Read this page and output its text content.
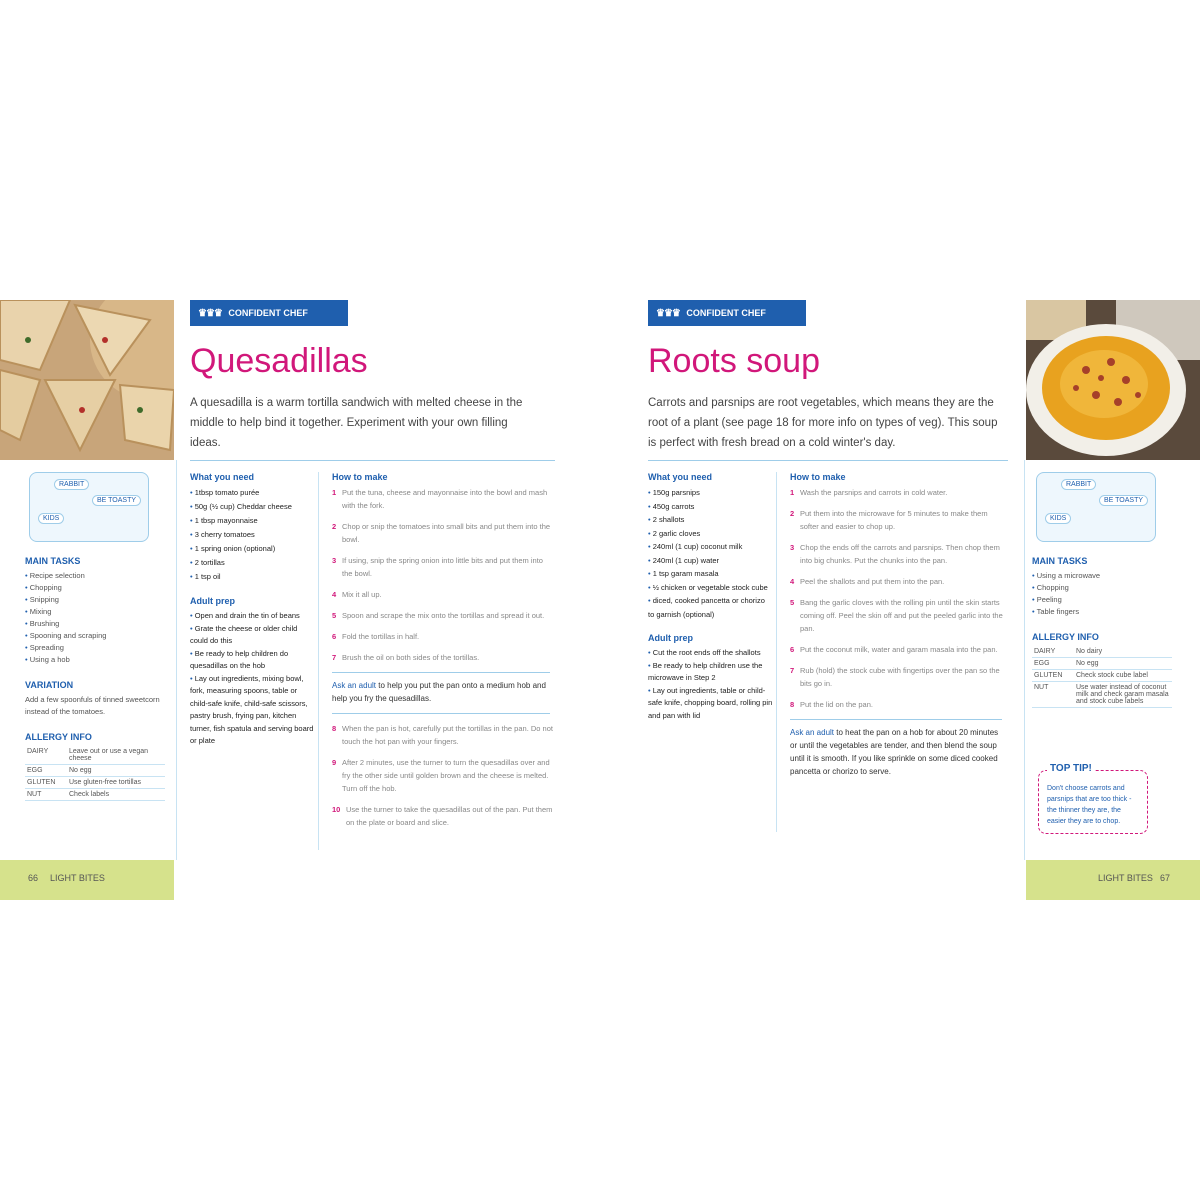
♛♛♛ CONFIDENT CHEF
Quesadillas
A quesadilla is a warm tortilla sandwich with melted cheese in the middle to help bind it together. Experiment with your own filling ideas.
What you need
• 1tbsp tomato purée
• 50g (½ cup) Cheddar cheese
• 1 tbsp mayonnaise
• 3 cherry tomatoes
• 1 spring onion (optional)
• 2 tortillas
• 1 tsp oil
Adult prep
• Open and drain the tin of beans
• Grate the cheese or older child could do this
• Be ready to help children do quesadillas on the hob
• Lay out ingredients, mixing bowl, fork, measuring spoons, table or child-safe knife, child-safe scissors, pastry brush, frying pan, kitchen turner, fish spatula and serving board or plate
How to make
1 Put the tuna, cheese and mayonnaise into the bowl and mash with the fork.
2 Chop or snip the tomatoes into small bits and put them into the bowl.
3 If using, snip the spring onion into little bits and put them into the bowl.
4 Mix it all up.
5 Spoon and scrape the mix onto the tortillas and spread it out.
6 Fold the tortillas in half.
7 Brush the oil on both sides of the tortillas.
Ask an adult to help you put the pan onto a medium hob and help you fry the quesadillas.
8 When the pan is hot, carefully put the tortillas in the pan. Do not touch the hot pan with your fingers.
9 After 2 minutes, use the turner to turn the quesadillas over and fry the other side until golden brown and the cheese is melted. Turn off the hob.
10 Use the turner to take the quesadillas out of the pan. Put them on the plate or board and slice.
RABBIT
BE TOASTY
KIDS
MAIN TASKS
• Recipe selection
• Chopping
• Snipping
• Mixing
• Brushing
• Spooning and scraping
• Spreading
• Using a hob
VARIATION
Add a few spoonfuls of tinned sweetcorn instead of the tomatoes.
ALLERGY INFO
DAIRY	Leave out or use a vegan cheese
EGG	No egg
GLUTEN	Use gluten-free tortillas
NUT	Check labels
66 LIGHT BITES
♛♛♛ CONFIDENT CHEF
Roots soup
Carrots and parsnips are root vegetables, which means they are the root of a plant (see page 18 for more info on types of veg). This soup is perfect with fresh bread on a cold winter's day.
What you need
• 150g parsnips
• 450g carrots
• 2 shallots
• 2 garlic cloves
• 240ml (1 cup) coconut milk
• 240ml (1 cup) water
• 1 tsp garam masala
• ½ chicken or vegetable stock cube
• diced, cooked pancetta or chorizo to garnish (optional)
Adult prep
• Cut the root ends off the shallots
• Be ready to help children use the microwave in Step 2
• Lay out ingredients, table or child-safe knife, chopping board, rolling pin and pan with lid
How to make
1 Wash the parsnips and carrots in cold water.
2 Put them into the microwave for 5 minutes to make them softer and easier to chop up.
3 Chop the ends off the carrots and parsnips. Then chop them into big chunks. Put the chunks into the pan.
4 Peel the shallots and put them into the pan.
5 Bang the garlic cloves with the rolling pin until the skin starts coming off. Peel the skin off and put the peeled garlic into the pan.
6 Put the coconut milk, water and garam masala into the pan.
7 Rub (hold) the stock cube with fingertips over the pan so the bits go in.
8 Put the lid on the pan.
Ask an adult to heat the pan on a hob for about 20 minutes or until the vegetables are tender, and then blend the soup until it is smooth. If you like sprinkle on some diced cooked pancetta or chorizo to serve.
RABBIT
BE TOASTY
KIDS
MAIN TASKS
• Using a microwave
• Chopping
• Peeling
• Table fingers
ALLERGY INFO
DAIRY	No dairy
EGG	No egg
GLUTEN	Check stock cube label
NUT	Use water instead of coconut milk and check garam masala and stock cube labels
TOP TIP!
Don't choose carrots and parsnips that are too thick - the thinner they are, the easier they are to chop.
LIGHT BITES 67
